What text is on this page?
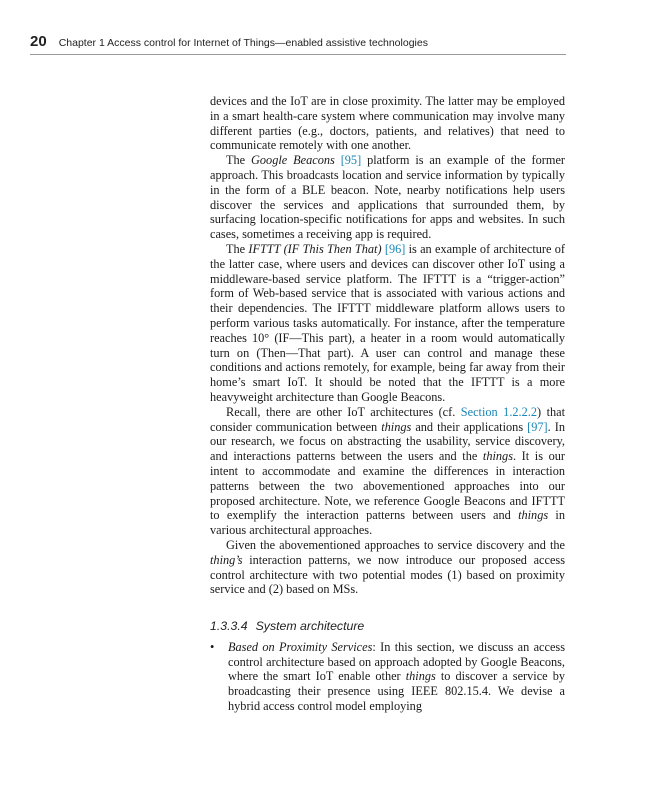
20 Chapter 1 Access control for Internet of Things—enabled assistive technologies

devices and the IoT are in close proximity. The latter may be employed in a smart health-care system where communication may involve many different parties (e.g., doctors, patients, and relatives) that need to communicate remotely with one another.

The Google Beacons [95] platform is an example of the former approach. This broadcasts location and service information by typically in the form of a BLE beacon. Note, nearby notifications help users discover the services and applications that surrounded them, by surfacing location-specific notifications for apps and websites. In such cases, sometimes a receiving app is required.

The IFTTT (IF This Then That) [96] is an example of architecture of the latter case, where users and devices can discover other IoT using a middleware-based service platform. The IFTTT is a “trigger-action” form of Web-based service that is associated with various actions and their dependencies. The IFTTT middleware platform allows users to perform various tasks automatically. For instance, after the temperature reaches 10° (IF—This part), a heater in a room would automatically turn on (Then—That part). A user can control and manage these conditions and actions remotely, for example, being far away from their home’s smart IoT. It should be noted that the IFTTT is a more heavyweight architecture than Google Beacons.

Recall, there are other IoT architectures (cf. Section 1.2.2.2) that consider communication between things and their applications [97]. In our research, we focus on abstracting the usability, service discovery, and interactions patterns between the users and the things. It is our intent to accommodate and examine the differences in interaction patterns between the two abovementioned approaches into our proposed architecture. Note, we reference Google Beacons and IFTTT to exemplify the interaction patterns between users and things in various architectural approaches.

Given the abovementioned approaches to service discovery and the thing’s interaction patterns, we now introduce our proposed access control architecture with two potential modes (1) based on proximity service and (2) based on MSs.

1.3.3.4 System architecture
• Based on Proximity Services: In this section, we discuss an access control architecture based on approach adopted by Google Beacons, where the smart IoT enable other things to discover a service by broadcasting their presence using IEEE 802.15.4. We devise a hybrid access control model employing
